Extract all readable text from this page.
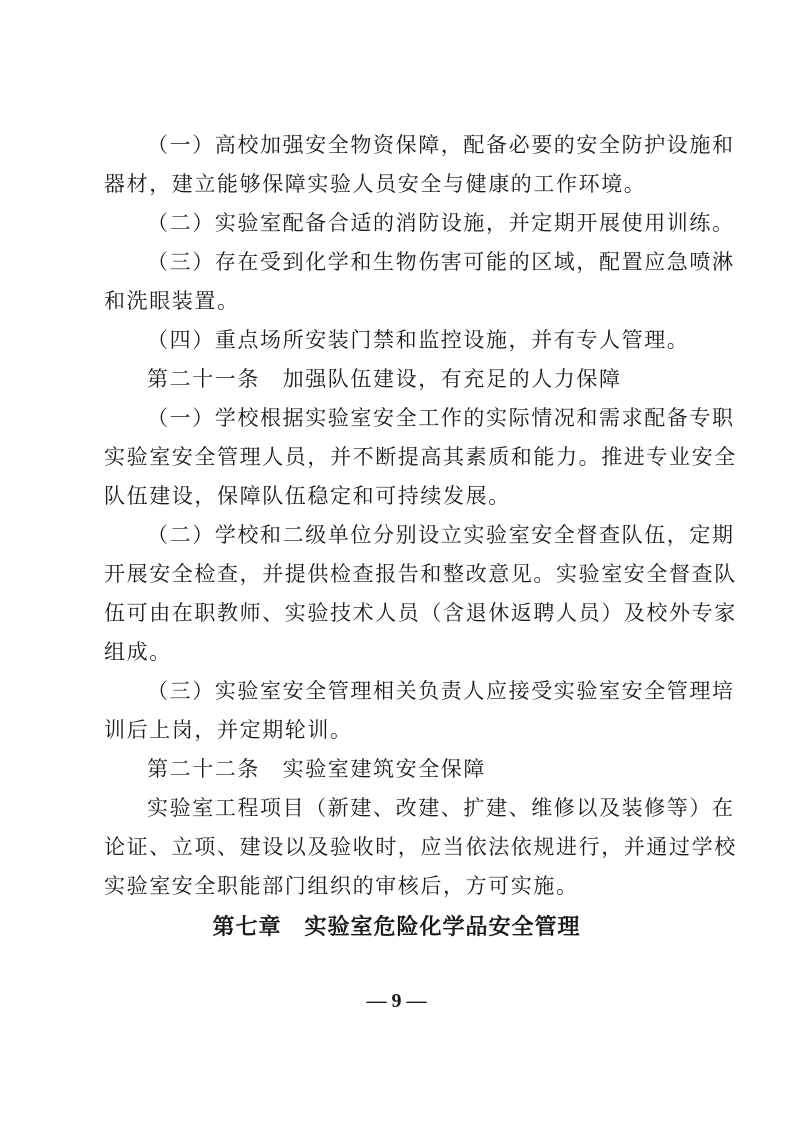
（一）高校加强安全物资保障，配备必要的安全防护设施和
器材，建立能够保障实验人员安全与健康的工作环境。
（二）实验室配备合适的消防设施，并定期开展使用训练。
（三）存在受到化学和生物伤害可能的区域，配置应急喷淋
和洗眼装置。
（四）重点场所安装门禁和监控设施，并有专人管理。
第二十一条　加强队伍建设，有充足的人力保障
（一）学校根据实验室安全工作的实际情况和需求配备专职
实验室安全管理人员，并不断提高其素质和能力。推进专业安全
队伍建设，保障队伍稳定和可持续发展。
（二）学校和二级单位分别设立实验室安全督查队伍，定期
开展安全检查，并提供检查报告和整改意见。实验室安全督查队
伍可由在职教师、实验技术人员（含退休返聘人员）及校外专家
组成。
（三）实验室安全管理相关负责人应接受实验室安全管理培
训后上岗，并定期轮训。
第二十二条　实验室建筑安全保障
实验室工程项目（新建、改建、扩建、维修以及装修等）在
论证、立项、建设以及验收时，应当依法依规进行，并通过学校
实验室安全职能部门组织的审核后，方可实施。
第七章　实验室危险化学品安全管理
— 9 —
